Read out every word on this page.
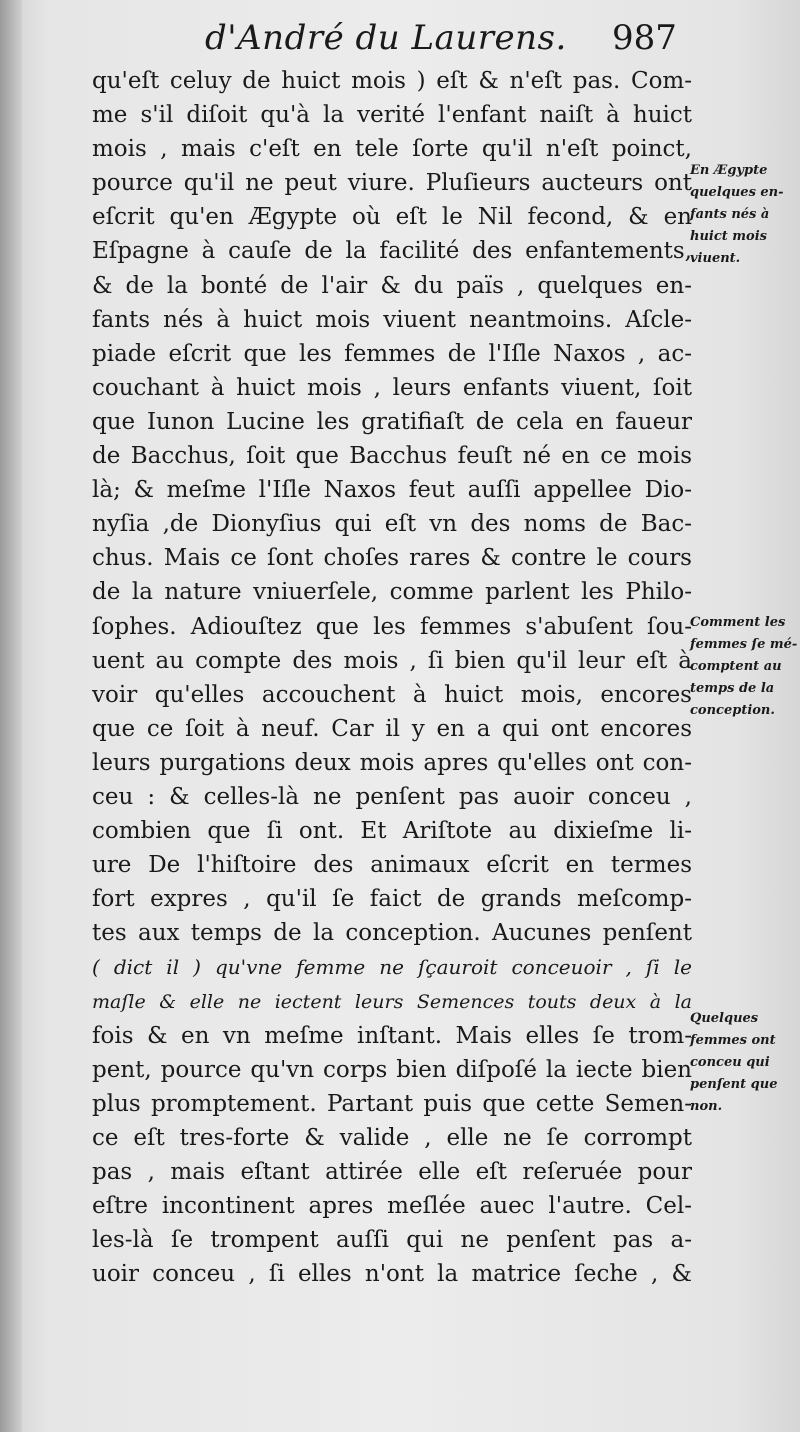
d'André du Laurens. 987
qu'eſt celuy de huict mois ) eſt & n'eſt pas. Com-
me s'il diſoit qu'à la verité l'enfant naiſt à huict
mois , mais c'eſt en tele ſorte qu'il n'eſt poinct,
pource qu'il ne peut viure. Pluſieurs aucteurs ont
eſcrit qu'en Ægypte où eſt le Nil fecond, & en
Eſpagne à cauſe de la facilité des enfantements,
& de la bonté de l'air & du païs , quelques en-
fants nés à huict mois viuent neantmoins. Aſcle-
piade eſcrit que les femmes de l'Iſle Naxos , ac-
couchant à huict mois , leurs enfants viuent, ſoit
que Iunon Lucine les gratifiaſt de cela en faueur
de Bacchus, ſoit que Bacchus feuſt né en ce mois
là; & meſme l'Iſle Naxos feut auſſi appellee Dio-
nyſia ,de Dionyſius qui eſt vn des noms de Bac-
chus. Mais ce ſont choſes rares & contre le cours
de la nature vniuerſele, comme parlent les Philo-
ſophes. Adiouſtez que les femmes s'abuſent ſou-
uent au compte des mois , ſi bien qu'il leur eſt à
voir qu'elles accouchent à huict mois, encores
que ce ſoit à neuf. Car il y en a qui ont encores
leurs purgations deux mois apres qu'elles ont con-
ceu : & celles-là ne penſent pas auoir conceu ,
combien que ſi ont. Et Ariſtote au dixieſme li-
ure De l'hiſtoire des animaux eſcrit en termes
fort expres , qu'il ſe faict de grands meſcomp-
tes aux temps de la conception. Aucunes penſent
( dict il ) qu'vne femme ne ſçauroit conceuoir , ſi le
maſle & elle ne iectent leurs Semences touts deux à la
fois & en vn meſme inſtant. Mais elles ſe trom-
pent, pource qu'vn corps bien diſpoſé la iecte bien
plus promptement. Partant puis que cette Semen-
ce eſt tres-forte & valide , elle ne ſe corrompt
pas , mais eſtant attirée elle eſt reſeruée pour
eſtre incontinent apres meſlée auec l'autre. Cel-
les-là ſe trompent auſſi qui ne penſent pas a-
uoir conceu , ſi elles n'ont la matrice ſeche , &
En Ægypte
quelques en-
fants nés à
huict mois
viuent.
Comment les
femmes ſe mé-
comptent au
temps de la
conception.
Quelques
femmes ont
conceu qui
penſent que
non.
